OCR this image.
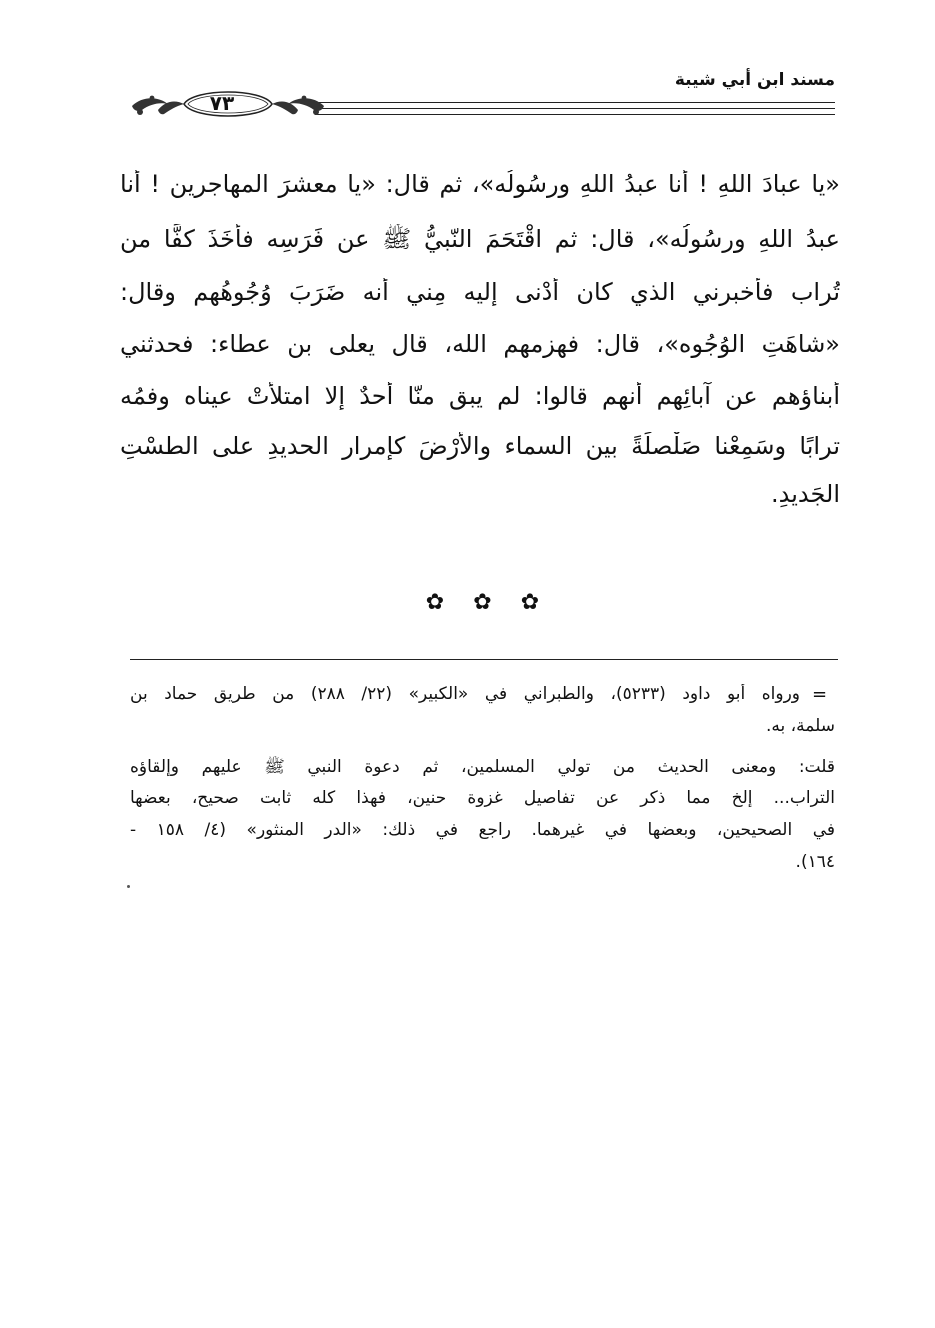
مسند ابن أبي شيبة
٧٣
«يا عبادَ اللهِ ! أنا عبدُ اللهِ ورسُولُه»، ثم قال: «يا معشرَ المهاجرين ! أنا
عبدُ اللهِ ورسُولُه»، قال: ثم اقْتَحَمَ النّبيُّ ﷺ عن فَرَسِه فأَخَذَ كفًّا من
تُراب فأخبرني الذي كان أَدْنى إليه مِني أنه ضَرَبَ وُجُوهُهم وقال:
«شاهَتِ الوُجُوه»، قال: فهزمهم الله، قال يعلى بن عطاء: فحدثني
أبناؤهم عن آبائِهم أنهم قالوا: لم يبق منّا أحدٌ إلا امتلأتْ عيناه وفمُه
ترابًا وسَمِعْنا صَلْصلَةً بين السماء والأَرْضَ كإمرار الحديدِ على الطسْتِ
الجَديدِ.
✿ ✿ ✿
ورواه أبو داود (٥٢٣٣)، والطبراني في «الكبير» (٢٢/ ٢٨٨) من طريق حماد بن
سلمة، به.
قلت: ومعنى الحديث من تولي المسلمين، ثم دعوة النبي ﷺ عليهم وإلقاؤه
التراب... إلخ مما ذكر عن تفاصيل غزوة حنين، فهذا كله ثابت صحيح، بعضها
في الصحيحين، وبعضها في غيرهما. راجع في ذلك: «الدر المنثور» (٤/ ١٥٨ -
١٦٤).
=
